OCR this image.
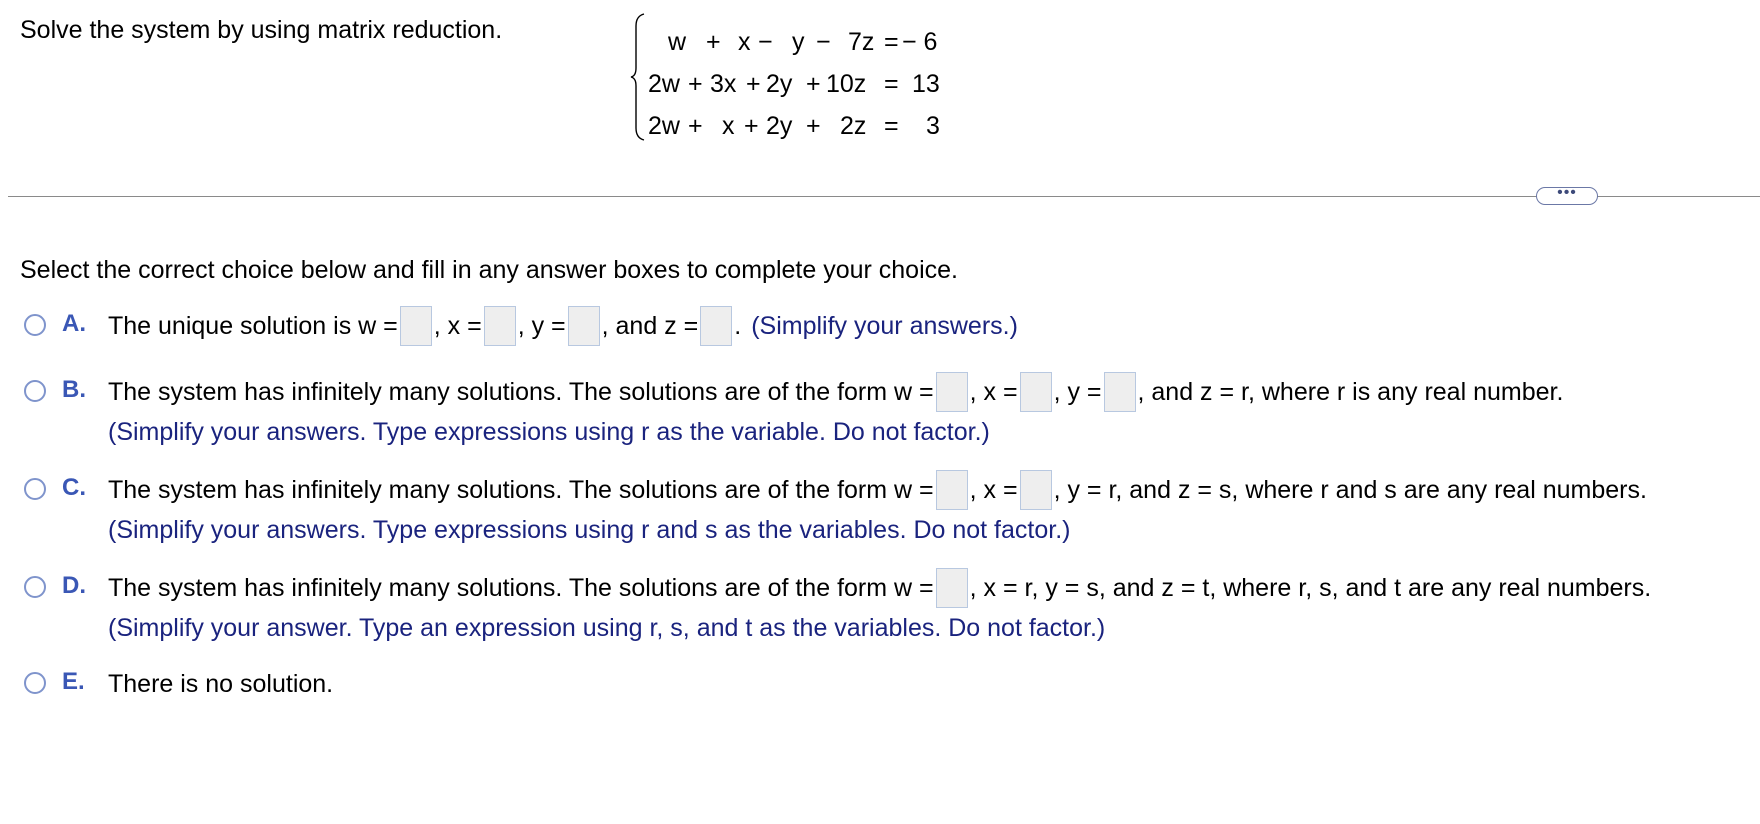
Solve the system by using matrix reduction.	w + x − y − 7z = − 6
2w + 3x + 2y + 10z = 13
2w + x + 2y + 2z = 3
•••
Select the correct choice below and fill in any answer boxes to complete your choice.
A. The unique solution is w = , x = , y = , and z = . (Simplify your answers.)
B. The system has infinitely many solutions. The solutions are of the form w = , x = , y = , and z = r, where r is any real number.
(Simplify your answers. Type expressions using r as the variable. Do not factor.)
C. The system has infinitely many solutions. The solutions are of the form w = , x = , y = r, and z = s, where r and s are any real numbers.
(Simplify your answers. Type expressions using r and s as the variables. Do not factor.)
D. The system has infinitely many solutions. The solutions are of the form w = , x = r, y = s, and z = t, where r, s, and t are any real numbers.
(Simplify your answer. Type an expression using r, s, and t as the variables. Do not factor.)
E. There is no solution.
